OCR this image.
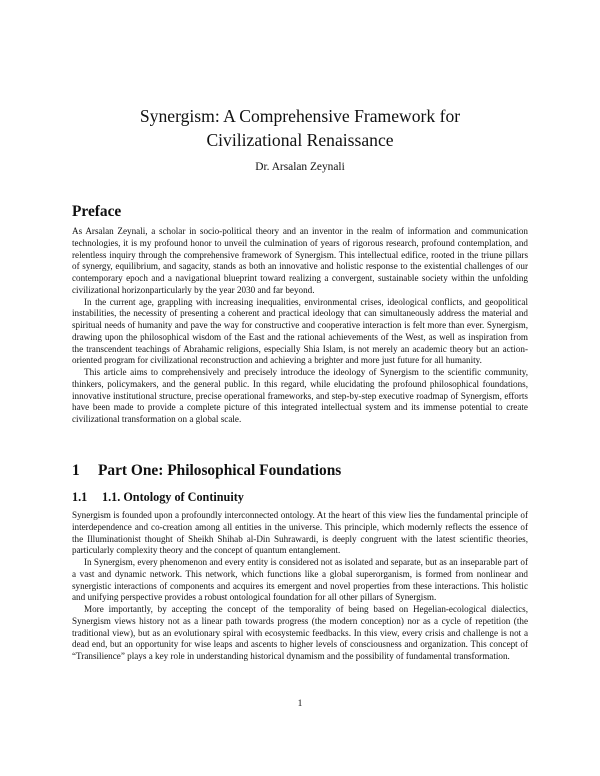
Synergism: A Comprehensive Framework for Civilizational Renaissance

Dr. Arsalan Zeynali

Preface

As Arsalan Zeynali, a scholar in socio-political theory and an inventor in the realm of information and communication technologies, it is my profound honor to unveil the culmination of years of rigorous research, profound contemplation, and relentless inquiry through the comprehensive framework of Synergism. This intellectual edifice, rooted in the triune pillars of synergy, equilibrium, and sagacity, stands as both an innovative and holistic response to the existential challenges of our contemporary epoch and a navigational blueprint toward realizing a convergent, sustainable society within the unfolding civilizational horizonparticularly by the year 2030 and far beyond.

In the current age, grappling with increasing inequalities, environmental crises, ideological conflicts, and geopolitical instabilities, the necessity of presenting a coherent and practical ideology that can simultaneously address the material and spiritual needs of humanity and pave the way for constructive and cooperative interaction is felt more than ever. Synergism, drawing upon the philosophical wisdom of the East and the rational achievements of the West, as well as inspiration from the transcendent teachings of Abrahamic religions, especially Shia Islam, is not merely an academic theory but an action-oriented program for civilizational reconstruction and achieving a brighter and more just future for all humanity.

This article aims to comprehensively and precisely introduce the ideology of Synergism to the scientific community, thinkers, policymakers, and the general public. In this regard, while elucidating the profound philosophical foundations, innovative institutional structure, precise operational frameworks, and step-by-step executive roadmap of Synergism, efforts have been made to provide a complete picture of this integrated intellectual system and its immense potential to create civilizational transformation on a global scale.

1 Part One: Philosophical Foundations
1.1 1.1. Ontology of Continuity

Synergism is founded upon a profoundly interconnected ontology. At the heart of this view lies the fundamental principle of interdependence and co-creation among all entities in the universe. This principle, which modernly reflects the essence of the Illuminationist thought of Sheikh Shihab al-Din Suhrawardi, is deeply congruent with the latest scientific theories, particularly complexity theory and the concept of quantum entanglement.

In Synergism, every phenomenon and every entity is considered not as isolated and separate, but as an inseparable part of a vast and dynamic network. This network, which functions like a global superorganism, is formed from nonlinear and synergistic interactions of components and acquires its emergent and novel properties from these interactions. This holistic and unifying perspective provides a robust ontological foundation for all other pillars of Synergism.

More importantly, by accepting the concept of the temporality of being based on Hegelian-ecological dialectics, Synergism views history not as a linear path towards progress (the modern conception) nor as a cycle of repetition (the traditional view), but as an evolutionary spiral with ecosystemic feedbacks. In this view, every crisis and challenge is not a dead end, but an opportunity for wise leaps and ascents to higher levels of consciousness and organization. This concept of “Transilience” plays a key role in understanding historical dynamism and the possibility of fundamental transformation.

1
